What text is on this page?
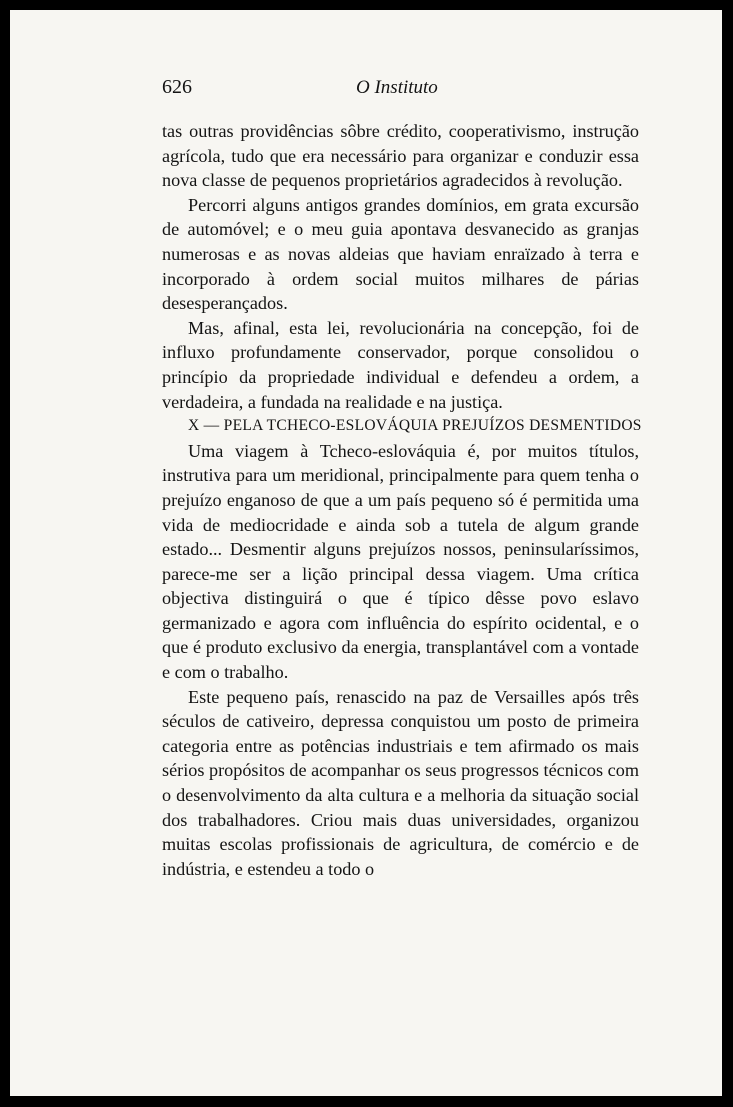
626	O Instituto

tas outras providências sôbre crédito, cooperativismo, instrução agrícola, tudo que era necessário para organizar e conduzir essa nova classe de pequenos proprietários agradecidos à revolução.

Percorri alguns antigos grandes domínios, em grata excursão de automóvel; e o meu guia apontava desvanecido as granjas numerosas e as novas aldeias que haviam enraïzado à terra e incorporado à ordem social muitos milhares de párias desesperançados.

Mas, afinal, esta lei, revolucionária na concepção, foi de influxo profundamente conservador, porque consolidou o princípio da propriedade individual e defendeu a ordem, a verdadeira, a fundada na realidade e na justiça.

X — PELA TCHECO-ESLOVÁQUIA PREJUÍZOS DESMENTIDOS

Uma viagem à Tcheco-eslováquia é, por muitos títulos, instrutiva para um meridional, principalmente para quem tenha o prejuízo enganoso de que a um país pequeno só é permitida uma vida de mediocridade e ainda sob a tutela de algum grande estado... Desmentir alguns prejuízos nossos, peninsularíssimos, parece-me ser a lição principal dessa viagem. Uma crítica objectiva distinguirá o que é típico dêsse povo eslavo germanizado e agora com influência do espírito ocidental, e o que é produto exclusivo da energia, transplantável com a vontade e com o trabalho.

Este pequeno país, renascido na paz de Versailles após três séculos de cativeiro, depressa conquistou um posto de primeira categoria entre as potências industriais e tem afirmado os mais sérios propósitos de acompanhar os seus progressos técnicos com o desenvolvimento da alta cultura e a melhoria da situação social dos trabalhadores. Criou mais duas universidades, organizou muitas escolas profissionais de agricultura, de comércio e de indústria, e estendeu a todo o
